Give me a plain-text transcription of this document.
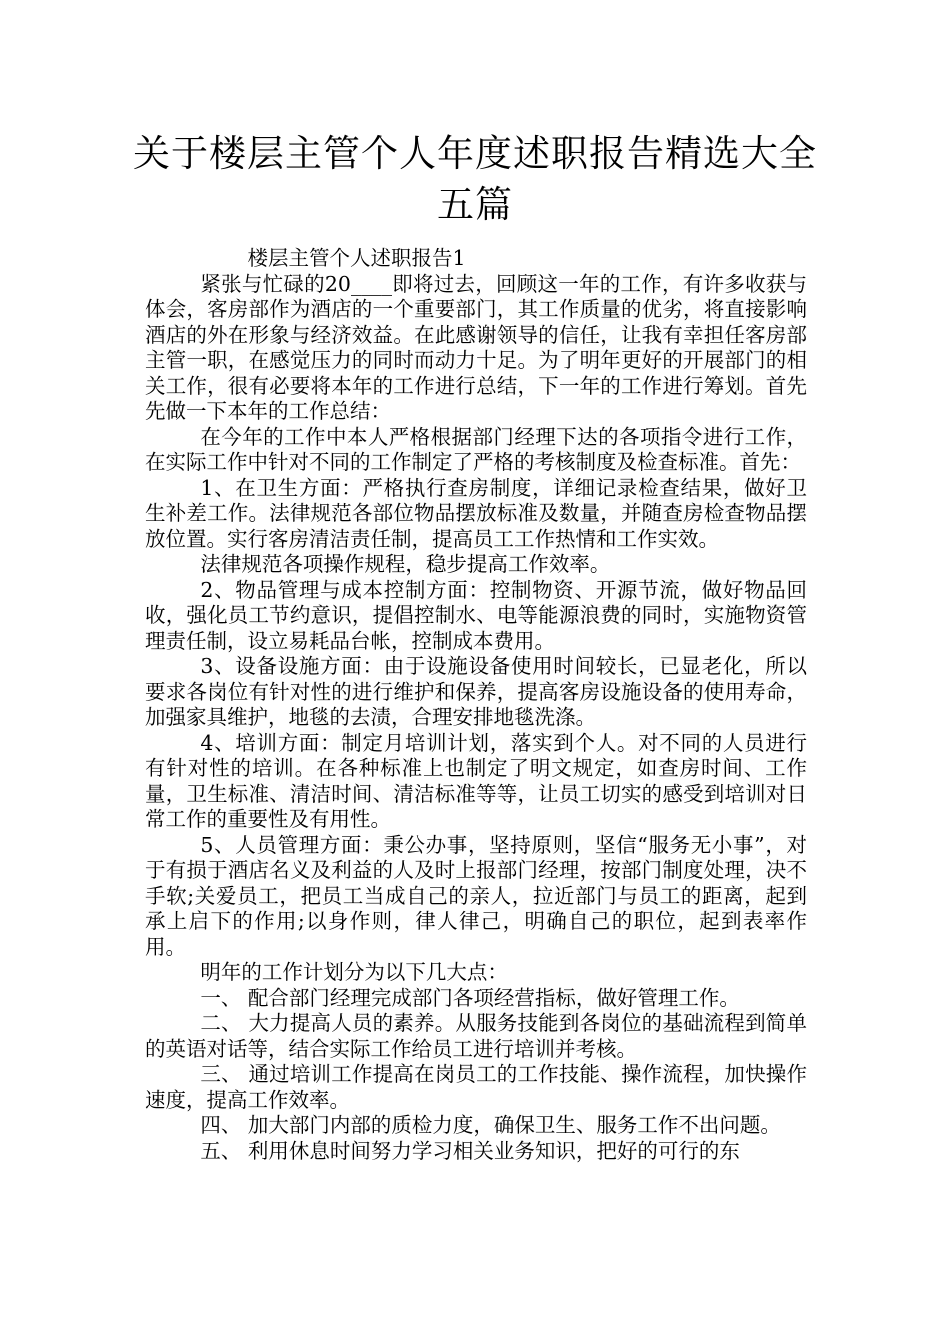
关于楼层主管个人年度述职报告精选大全五篇

楼层主管个人述职报告1

紧张与忙碌的20____即将过去，回顾这一年的工作，有许多收获与体会，客房部作为酒店的一个重要部门，其工作质量的优劣，将直接影响酒店的外在形象与经济效益。在此感谢领导的信任，让我有幸担任客房部主管一职，在感觉压力的同时而动力十足。为了明年更好的开展部门的相关工作，很有必要将本年的工作进行总结，下一年的工作进行筹划。首先先做一下本年的工作总结：

在今年的工作中本人严格根据部门经理下达的各项指令进行工作，在实际工作中针对不同的工作制定了严格的考核制度及检查标准。首先：

1、在卫生方面：严格执行查房制度，详细记录检查结果，做好卫生补差工作。法律规范各部位物品摆放标准及数量，并随查房检查物品摆放位置。实行客房清洁责任制，提高员工工作热情和工作实效。

法律规范各项操作规程，稳步提高工作效率。

2、物品管理与成本控制方面：控制物资、开源节流，做好物品回收，强化员工节约意识，提倡控制水、电等能源浪费的同时，实施物资管理责任制，设立易耗品台帐，控制成本费用。

3、设备设施方面：由于设施设备使用时间较长，已显老化，所以要求各岗位有针对性的进行维护和保养，提高客房设施设备的使用寿命，加强家具维护，地毯的去渍，合理安排地毯洗涤。

4、培训方面：制定月培训计划，落实到个人。对不同的人员进行有针对性的培训。在各种标准上也制定了明文规定，如查房时间、工作量，卫生标准、清洁时间、清洁标准等等，让员工切实的感受到培训对日常工作的重要性及有用性。

5、人员管理方面：秉公办事，坚持原则，坚信“服务无小事”，对于有损于酒店名义及利益的人及时上报部门经理，按部门制度处理，决不手软;关爱员工，把员工当成自己的亲人，拉近部门与员工的距离，起到承上启下的作用;以身作则，律人律己，明确自己的职位，起到表率作用。

明年的工作计划分为以下几大点：

一、 配合部门经理完成部门各项经营指标，做好管理工作。

二、 大力提高人员的素养。从服务技能到各岗位的基础流程到简单的英语对话等，结合实际工作给员工进行培训并考核。

三、 通过培训工作提高在岗员工的工作技能、操作流程，加快操作速度，提高工作效率。

四、 加大部门内部的质检力度，确保卫生、服务工作不出问题。

五、 利用休息时间努力学习相关业务知识，把好的可行的东
